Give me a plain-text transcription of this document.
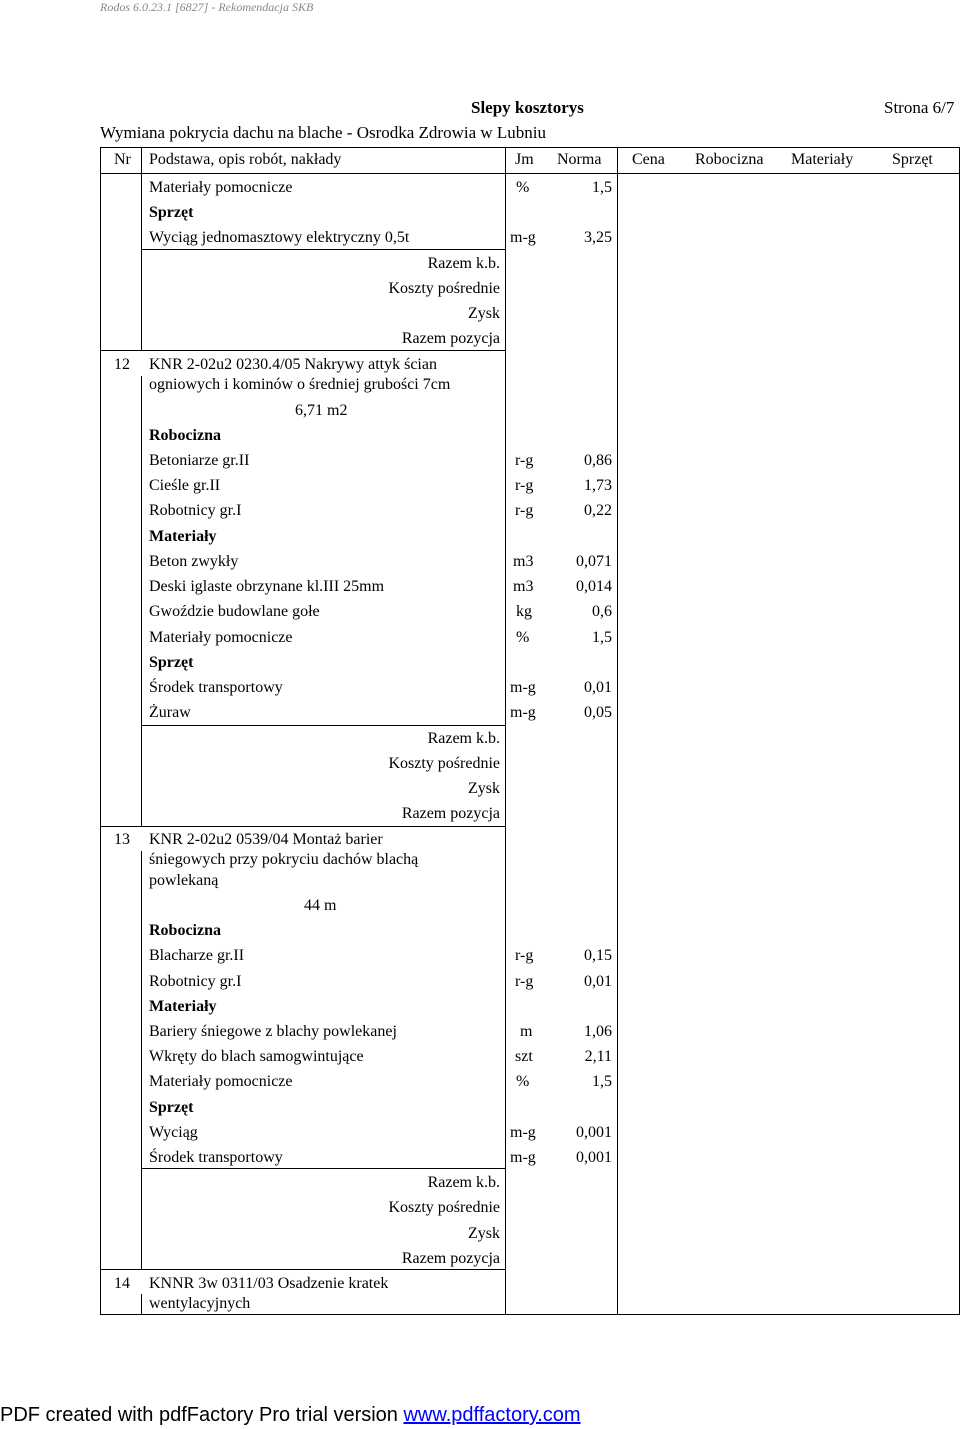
Rodos 6.0.23.1 [6827] - Rekomendacja SKB
Slepy kosztorys	Strona 6/7
Wymiana pokrycia dachu na blache - Osrodka Zdrowia w Lubniu
Nr Podstawa, opis robót, nakłady	Jm Norma Cena Robocizna Materiały Sprzęt
Materiały pomocnicze	%	1,5
Sprzęt
Wyciąg jednomasztowy elektryczny 0,5t	m-g	3,25
Razem k.b.
Koszty pośrednie
Zysk
Razem pozycja
12 KNR 2-02u2 0230.4/05 Nakrywy attyk ścian
ogniowych i kominów o średniej grubości 7cm
6,71 m2
Robocizna
Betoniarze gr.II	r-g	0,86
Cieśle gr.II	r-g	1,73
Robotnicy gr.I	r-g	0,22
Materiały
Beton zwykły	m3	0,071
Deski iglaste obrzynane kl.III 25mm	m3	0,014
Gwoździe budowlane gołe	kg	0,6
Materiały pomocnicze	%	1,5
Sprzęt
Środek transportowy	m-g	0,01
Żuraw	m-g	0,05
Razem k.b.
Koszty pośrednie
Zysk
Razem pozycja
13 KNR 2-02u2 0539/04 Montaż barier
śniegowych przy pokryciu dachów blachą
powlekaną
44 m
Robocizna
Blacharze gr.II	r-g	0,15
Robotnicy gr.I	r-g	0,01
Materiały
Bariery śniegowe z blachy powlekanej	m	1,06
Wkręty do blach samogwintujące	szt	2,11
Materiały pomocnicze	%	1,5
Sprzęt
Wyciąg	m-g	0,001
Środek transportowy	m-g	0,001
Razem k.b.
Koszty pośrednie
Zysk
Razem pozycja
14 KNNR 3w 0311/03 Osadzenie kratek
wentylacyjnych
PDF created with pdfFactory Pro trial version www.pdffactory.com
